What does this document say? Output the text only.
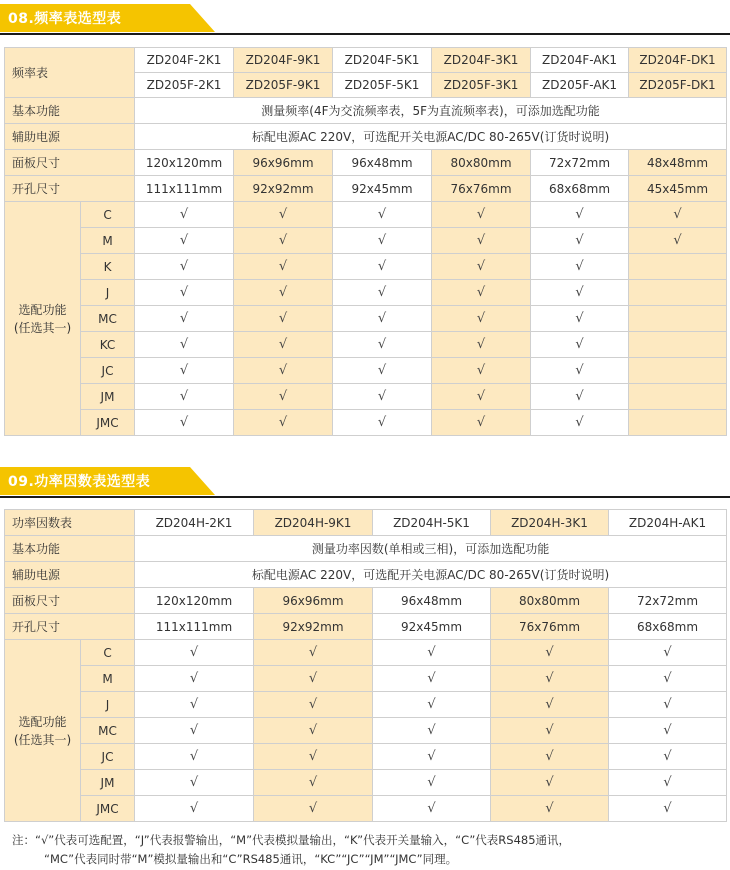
08.频率表选型表
频率表		ZD204F-2K1	ZD204F-9K1	ZD204F-5K1	ZD204F-3K1	ZD204F-AK1	ZD204F-DK1
		ZD205F-2K1	ZD205F-9K1	ZD205F-5K1	ZD205F-3K1	ZD205F-AK1	ZD205F-DK1
基本功能		测量频率(4F为交流频率表，5F为直流频率表)，可添加选配功能					
辅助电源		标配电源AC 220V，可选配开关电源AC/DC 80-265V(订货时说明)					
面板尺寸		120x120mm	96x96mm	96x48mm	80x80mm	72x72mm	48x48mm
开孔尺寸		111x111mm	92x92mm	92x45mm	76x76mm	68x68mm	45x45mm

选配功能
(任选其一)	C	√	√	√	√	√	√
	M	√	√	√	√	√	√
	K	√	√	√	√	√	
	J	√	√	√	√	√	
	MC	√	√	√	√	√	
	KC	√	√	√	√	√	
	JC	√	√	√	√	√	
	JM	√	√	√	√	√	
	JMC	√	√	√	√	√	
09.功率因数表选型表
功率因数表		ZD204H-2K1	ZD204H-9K1	ZD204H-5K1	ZD204H-3K1	ZD204H-AK1
基本功能		测量功率因数(单相或三相)，可添加选配功能				
辅助电源		标配电源AC 220V，可选配开关电源AC/DC 80-265V(订货时说明)				
面板尺寸		120x120mm	96x96mm	96x48mm	80x80mm	72x72mm
开孔尺寸		111x111mm	92x92mm	92x45mm	76x76mm	68x68mm

选配功能
(任选其一)	C	√	√	√	√	√
	M	√	√	√	√	√
	J	√	√	√	√	√
	MC	√	√	√	√	√
	JC	√	√	√	√	√
	JM	√	√	√	√	√
	JMC	√	√	√	√	√
注：“√”代表可选配置，“J”代表报警输出，“M”代表模拟量输出，“K”代表开关量输入，“C”代表RS485通讯，
“MC”代表同时带“M”模拟量输出和“C”RS485通讯，“KC”“JC”“JM”“JMC”同理。
